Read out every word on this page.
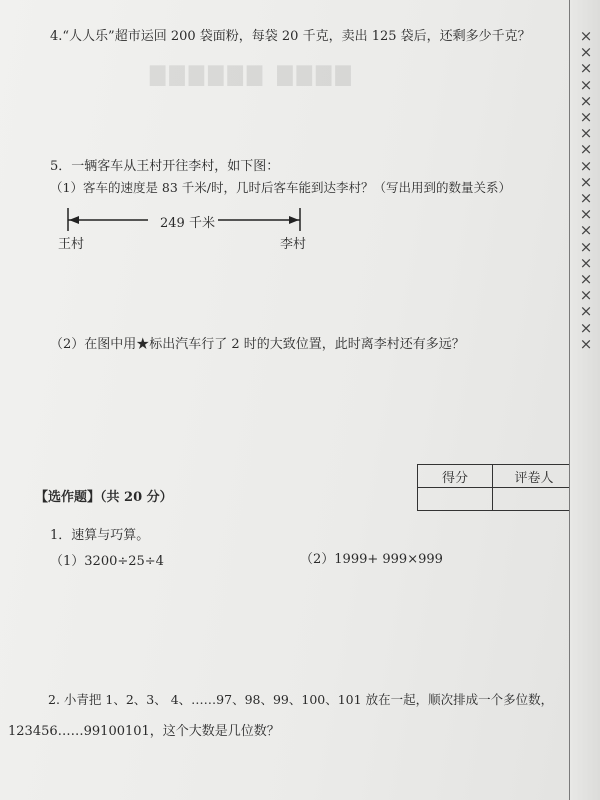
▇▇▇▇▇▇ ▇▇▇▇
4.“人人乐”超市运回 200 袋面粉，每袋 20 千克，卖出 125 袋后，还剩多少千克？
5．一辆客车从王村开往李村，如下图：
（1）客车的速度是 83 千米/时，几时后客车能到达李村？（写出用到的数量关系）
249 千米
王村	李村
（2）在图中用★标出汽车行了 2 时的大致位置，此时离李村还有多远？
得分	评卷人

【选作题】（共 20 分）
1．速算与巧算。
（1）3200÷25÷4	（2）1999+ 999×999
2. 小青把 1、2、3、 4、……97、98、99、100、101 放在一起，顺次排成一个多位数，
123456……99100101，这个大数是几位数？
×
×
×
×
×
×
×
×
×
×
×
×
×
×
×
×
×
×
×
×
